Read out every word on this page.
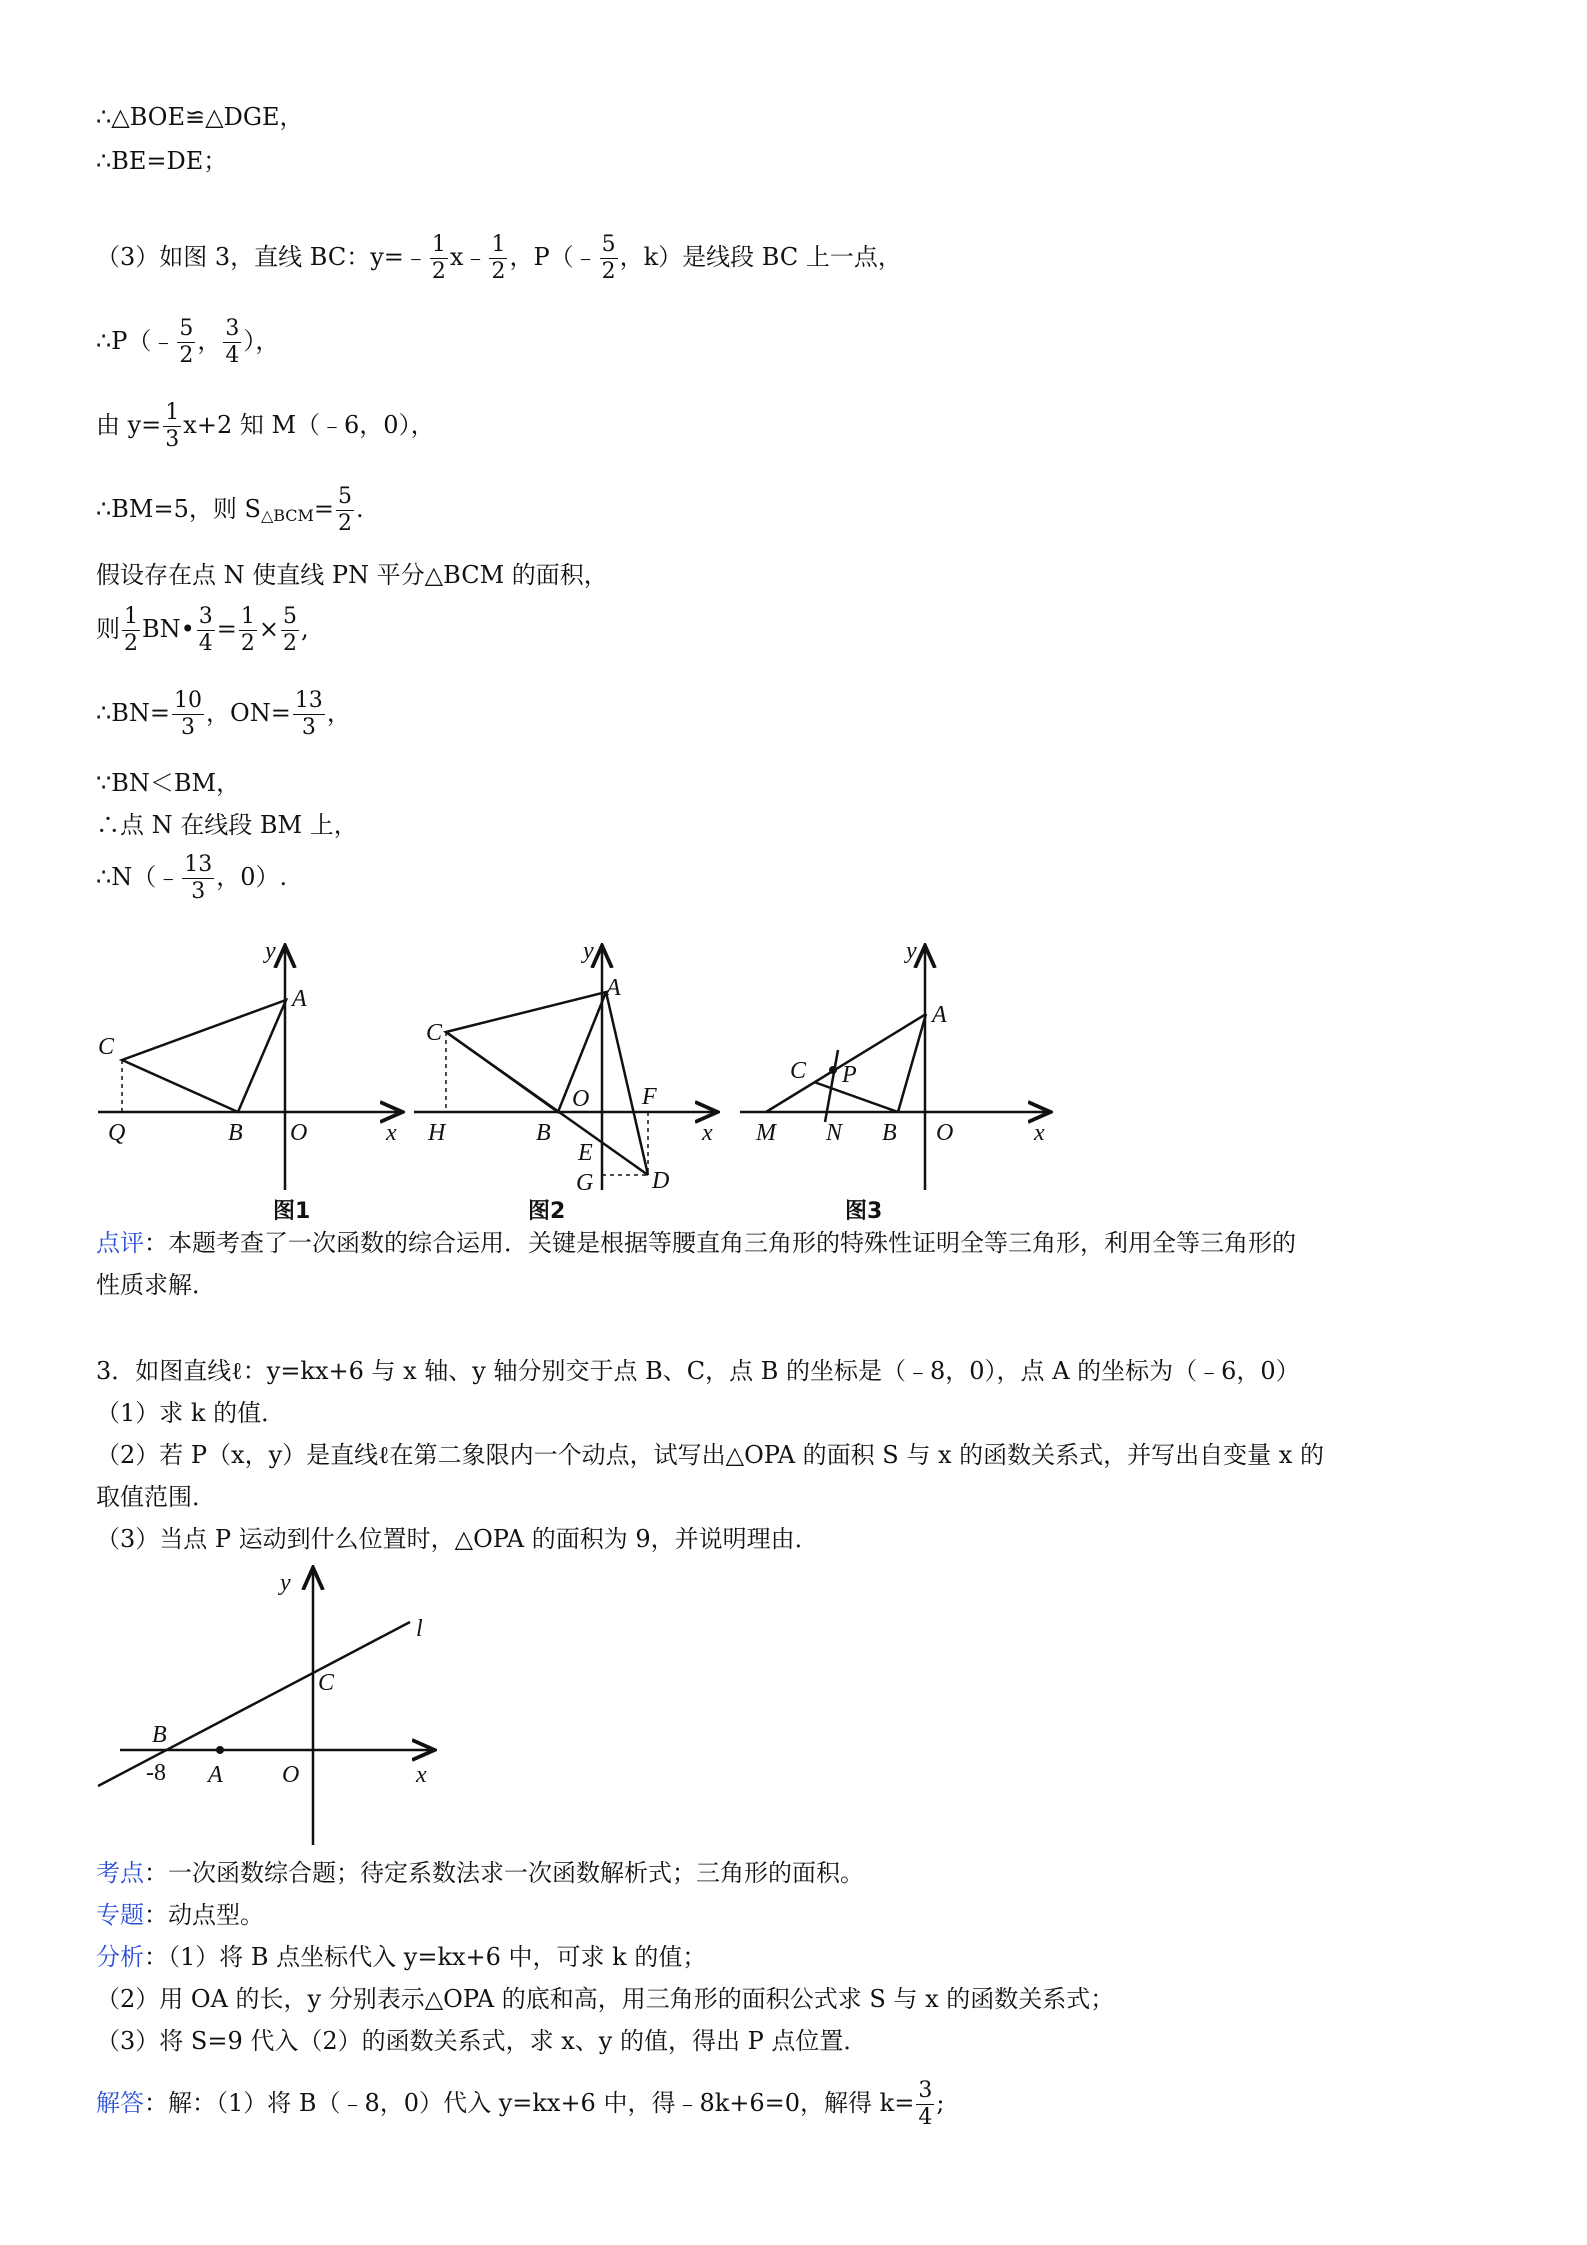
∴△BOE≌△DGE，
∴BE=DE；
（3）如图 3，直线 BC：y=﹣ $\frac{1}{2}$ x﹣ $\frac{1}{2}$ ，P（﹣ $\frac{5}{2}$ ，k）是线段 BC 上一点，
∴P（﹣ $\frac{5}{2}$ ， $\frac{3}{4}$ ），
由 $y= \frac{1}{3} x+2$ 知 M（﹣6，0），
∴BM=5，则 $S_{\triangle BCM}= \frac{5}{2}$ .
假设存在点 N 使直线 PN 平分△BCM 的面积，
则 $\frac{1}{2}$ BN• $\frac{3}{4} = \frac{1}{2} \times \frac{5}{2}$ ,
∴BN= $\frac{10}{3}$ ，$ON= \frac{13}{3}$ ，
∵BN＜BM，
∴点 N 在线段 BM 上，
∴N（﹣ $\frac{13}{3}$ ，0）.
y
x
A
C
Q	B O
y
x
A
C
H	B
O F
E
G D
y
x
A
C P
M N B O
图1	图2	图3
点评：本题考查了一次函数的综合运用．关键是根据等腰直角三角形的特殊性证明全等三角形，利用全等三角形的
性质求解．
3．如图直线ℓ：y=kx+6 与 x 轴、y 轴分别交于点 B、C，点 B 的坐标是（﹣8，0），点 A 的坐标为（﹣6，0）
（1）求 k 的值．
（2）若 P（x，y）是直线ℓ在第二象限内一个动点，试写出△OPA 的面积 S 与 x 的函数关系式，并写出自变量 x 的
取值范围．
（3）当点 P 运动到什么位置时，△OPA 的面积为 9，并说明理由．
y
x
l
C
B
-8 A O
考点：一次函数综合题；待定系数法求一次函数解析式；三角形的面积。
专题：动点型。
分析：（1）将 B 点坐标代入 y=kx+6 中，可求 k 的值；
（2）用 OA 的长，y 分别表示△OPA 的底和高，用三角形的面积公式求 S 与 x 的函数关系式；
（3）将 S=9 代入（2）的函数关系式，求 x、y 的值，得出 P 点位置．
解答：解：（1）将 B（﹣8，0）代入 y=kx+6 中，得﹣8k+6=0，解得 $k= \frac{3}{4}$ ;
